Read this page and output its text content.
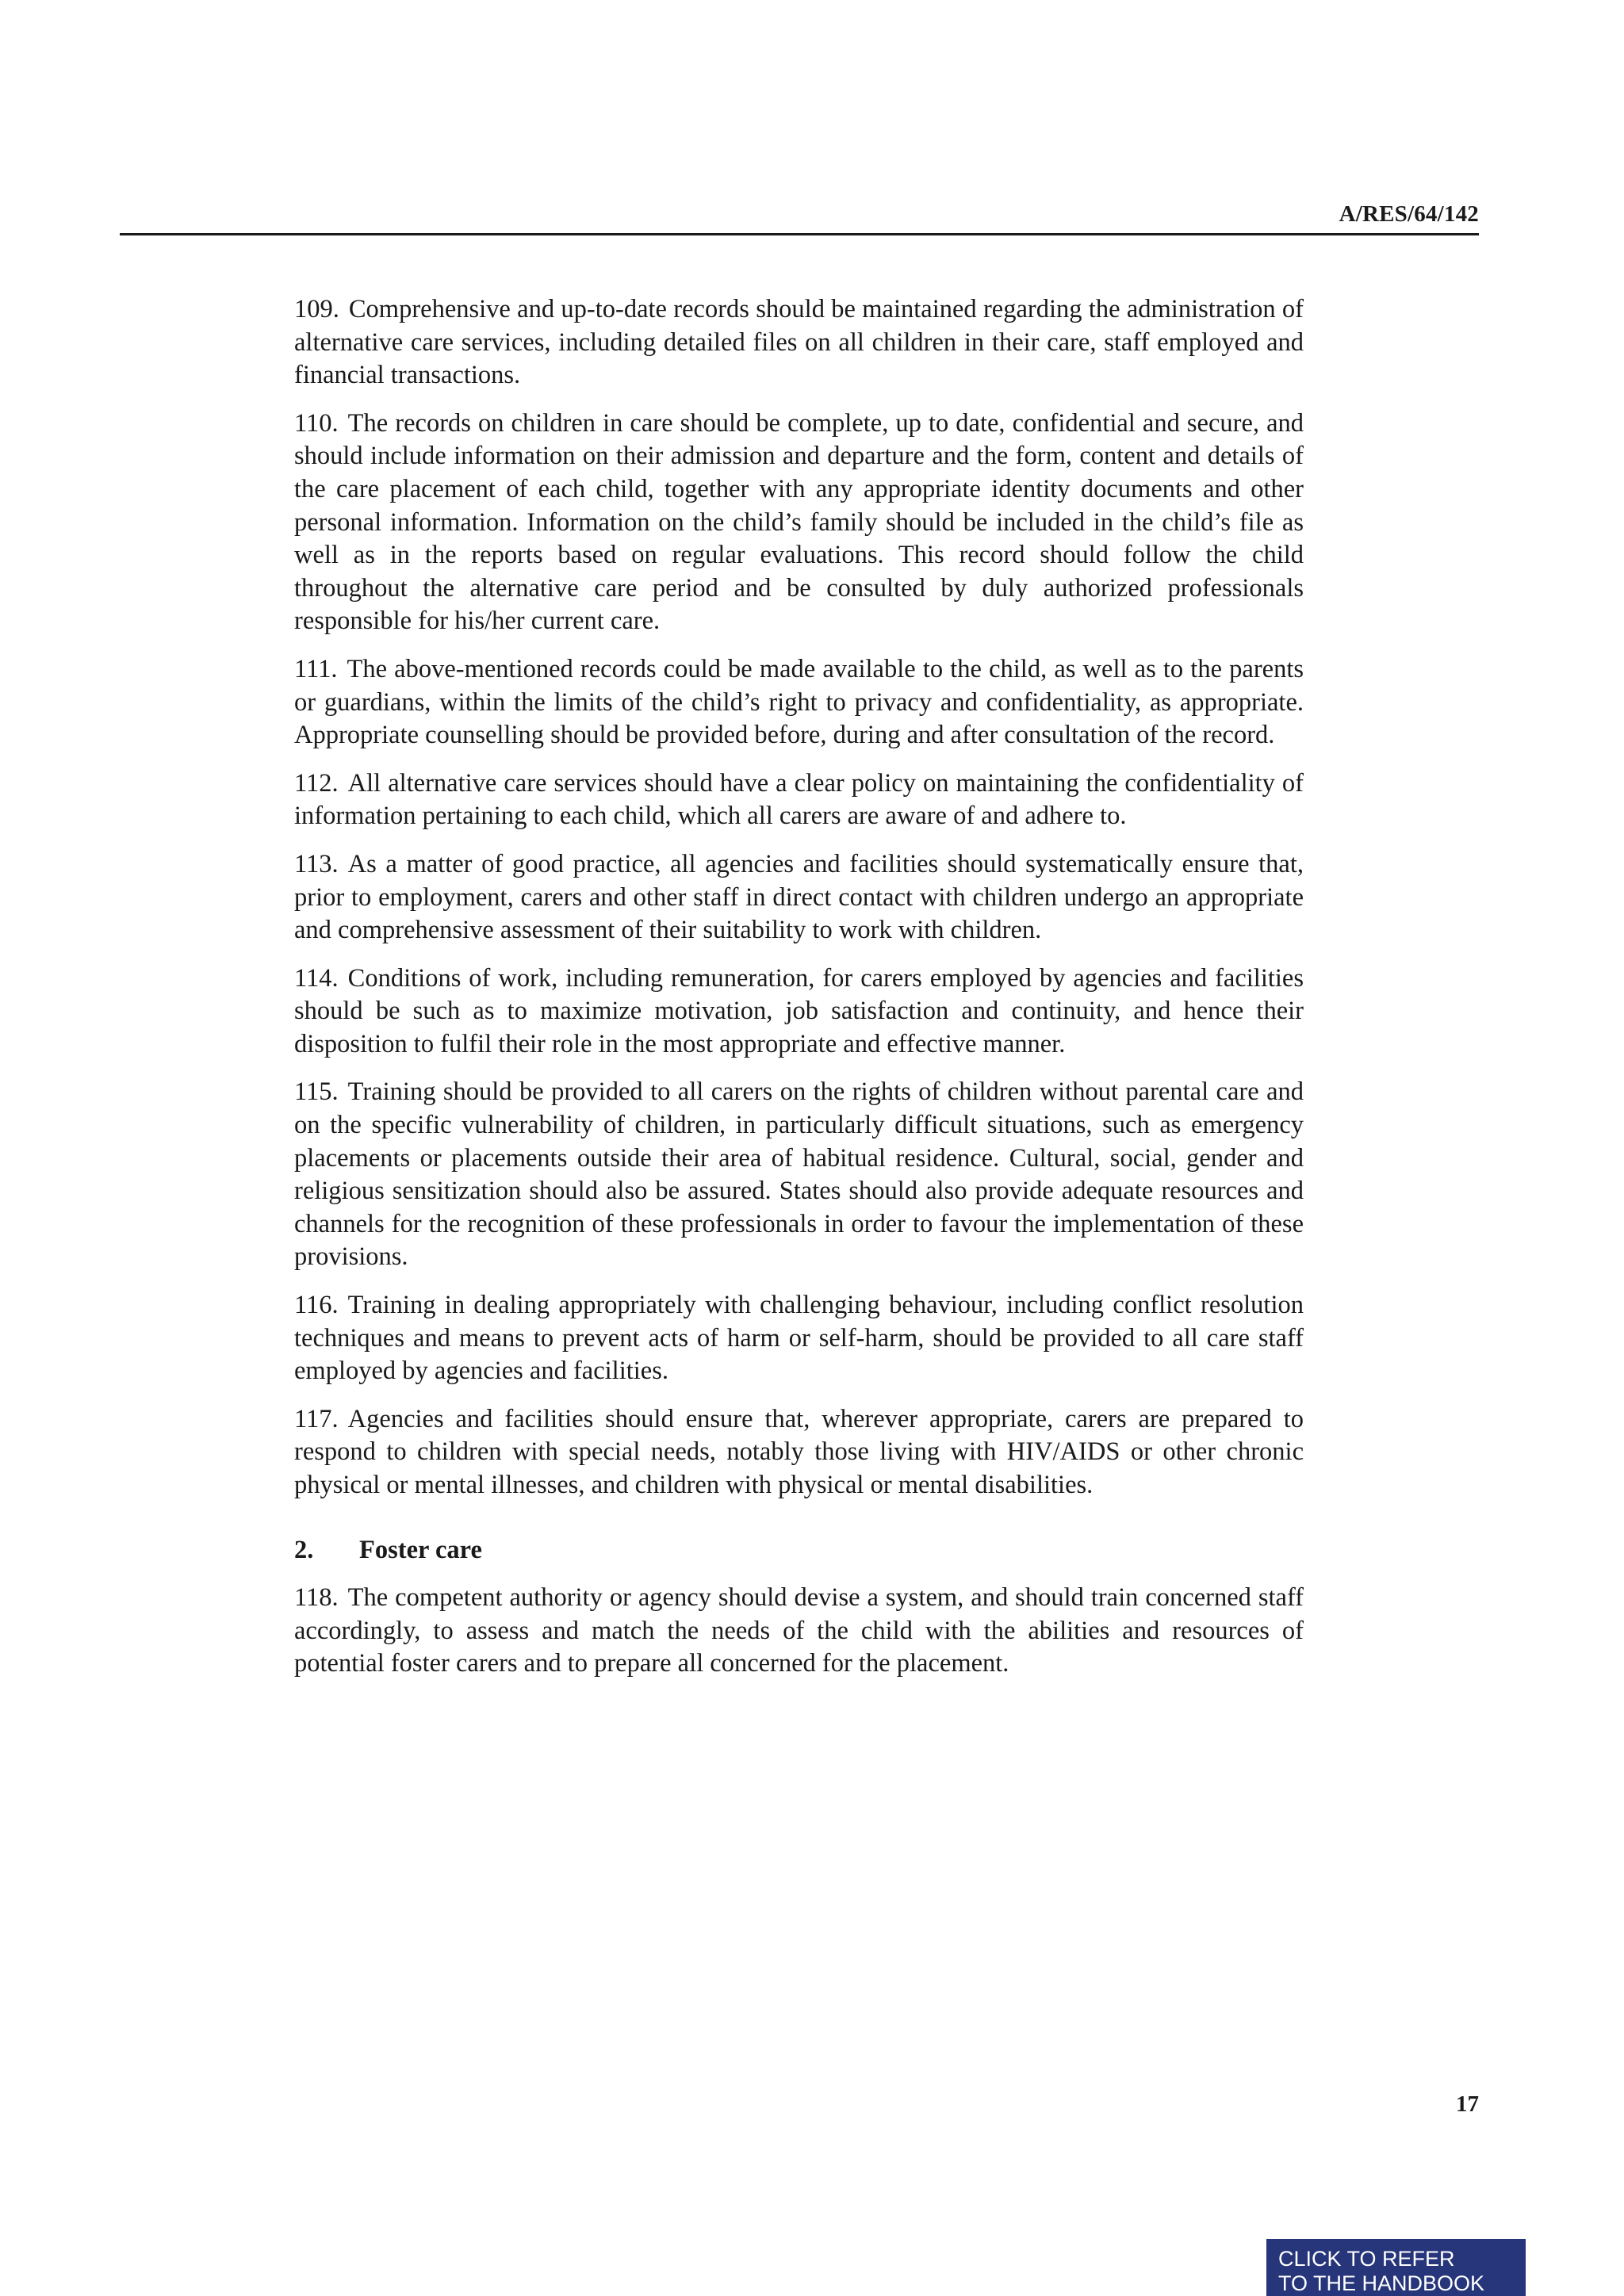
A/RES/64/142

109. Comprehensive and up-to-date records should be maintained regarding the administration of alternative care services, including detailed files on all children in their care, staff employed and financial transactions.

110. The records on children in care should be complete, up to date, confidential and secure, and should include information on their admission and departure and the form, content and details of the care placement of each child, together with any appropriate identity documents and other personal information. Information on the child’s family should be included in the child’s file as well as in the reports based on regular evaluations. This record should follow the child throughout the alternative care period and be consulted by duly authorized professionals responsible for his/her current care.

111. The above-mentioned records could be made available to the child, as well as to the parents or guardians, within the limits of the child’s right to privacy and confidentiality, as appropriate. Appropriate counselling should be provided before, during and after consultation of the record.

112. All alternative care services should have a clear policy on maintaining the confidentiality of information pertaining to each child, which all carers are aware of and adhere to.

113. As a matter of good practice, all agencies and facilities should systematically ensure that, prior to employment, carers and other staff in direct contact with children undergo an appropriate and comprehensive assessment of their suitability to work with children.

114. Conditions of work, including remuneration, for carers employed by agencies and facilities should be such as to maximize motivation, job satisfaction and continuity, and hence their disposition to fulfil their role in the most appropriate and effective manner.

115. Training should be provided to all carers on the rights of children without parental care and on the specific vulnerability of children, in particularly difficult situations, such as emergency placements or placements outside their area of habitual residence. Cultural, social, gender and religious sensitization should also be assured. States should also provide adequate resources and channels for the recognition of these professionals in order to favour the implementation of these provisions.

116. Training in dealing appropriately with challenging behaviour, including conflict resolution techniques and means to prevent acts of harm or self-harm, should be provided to all care staff employed by agencies and facilities.

117. Agencies and facilities should ensure that, wherever appropriate, carers are prepared to respond to children with special needs, notably those living with HIV/AIDS or other chronic physical or mental illnesses, and children with physical or mental disabilities.

2.	Foster care

118. The competent authority or agency should devise a system, and should train concerned staff accordingly, to assess and match the needs of the child with the abilities and resources of potential foster carers and to prepare all concerned for the placement.

17
CLICK TO REFER
TO THE HANDBOOK
